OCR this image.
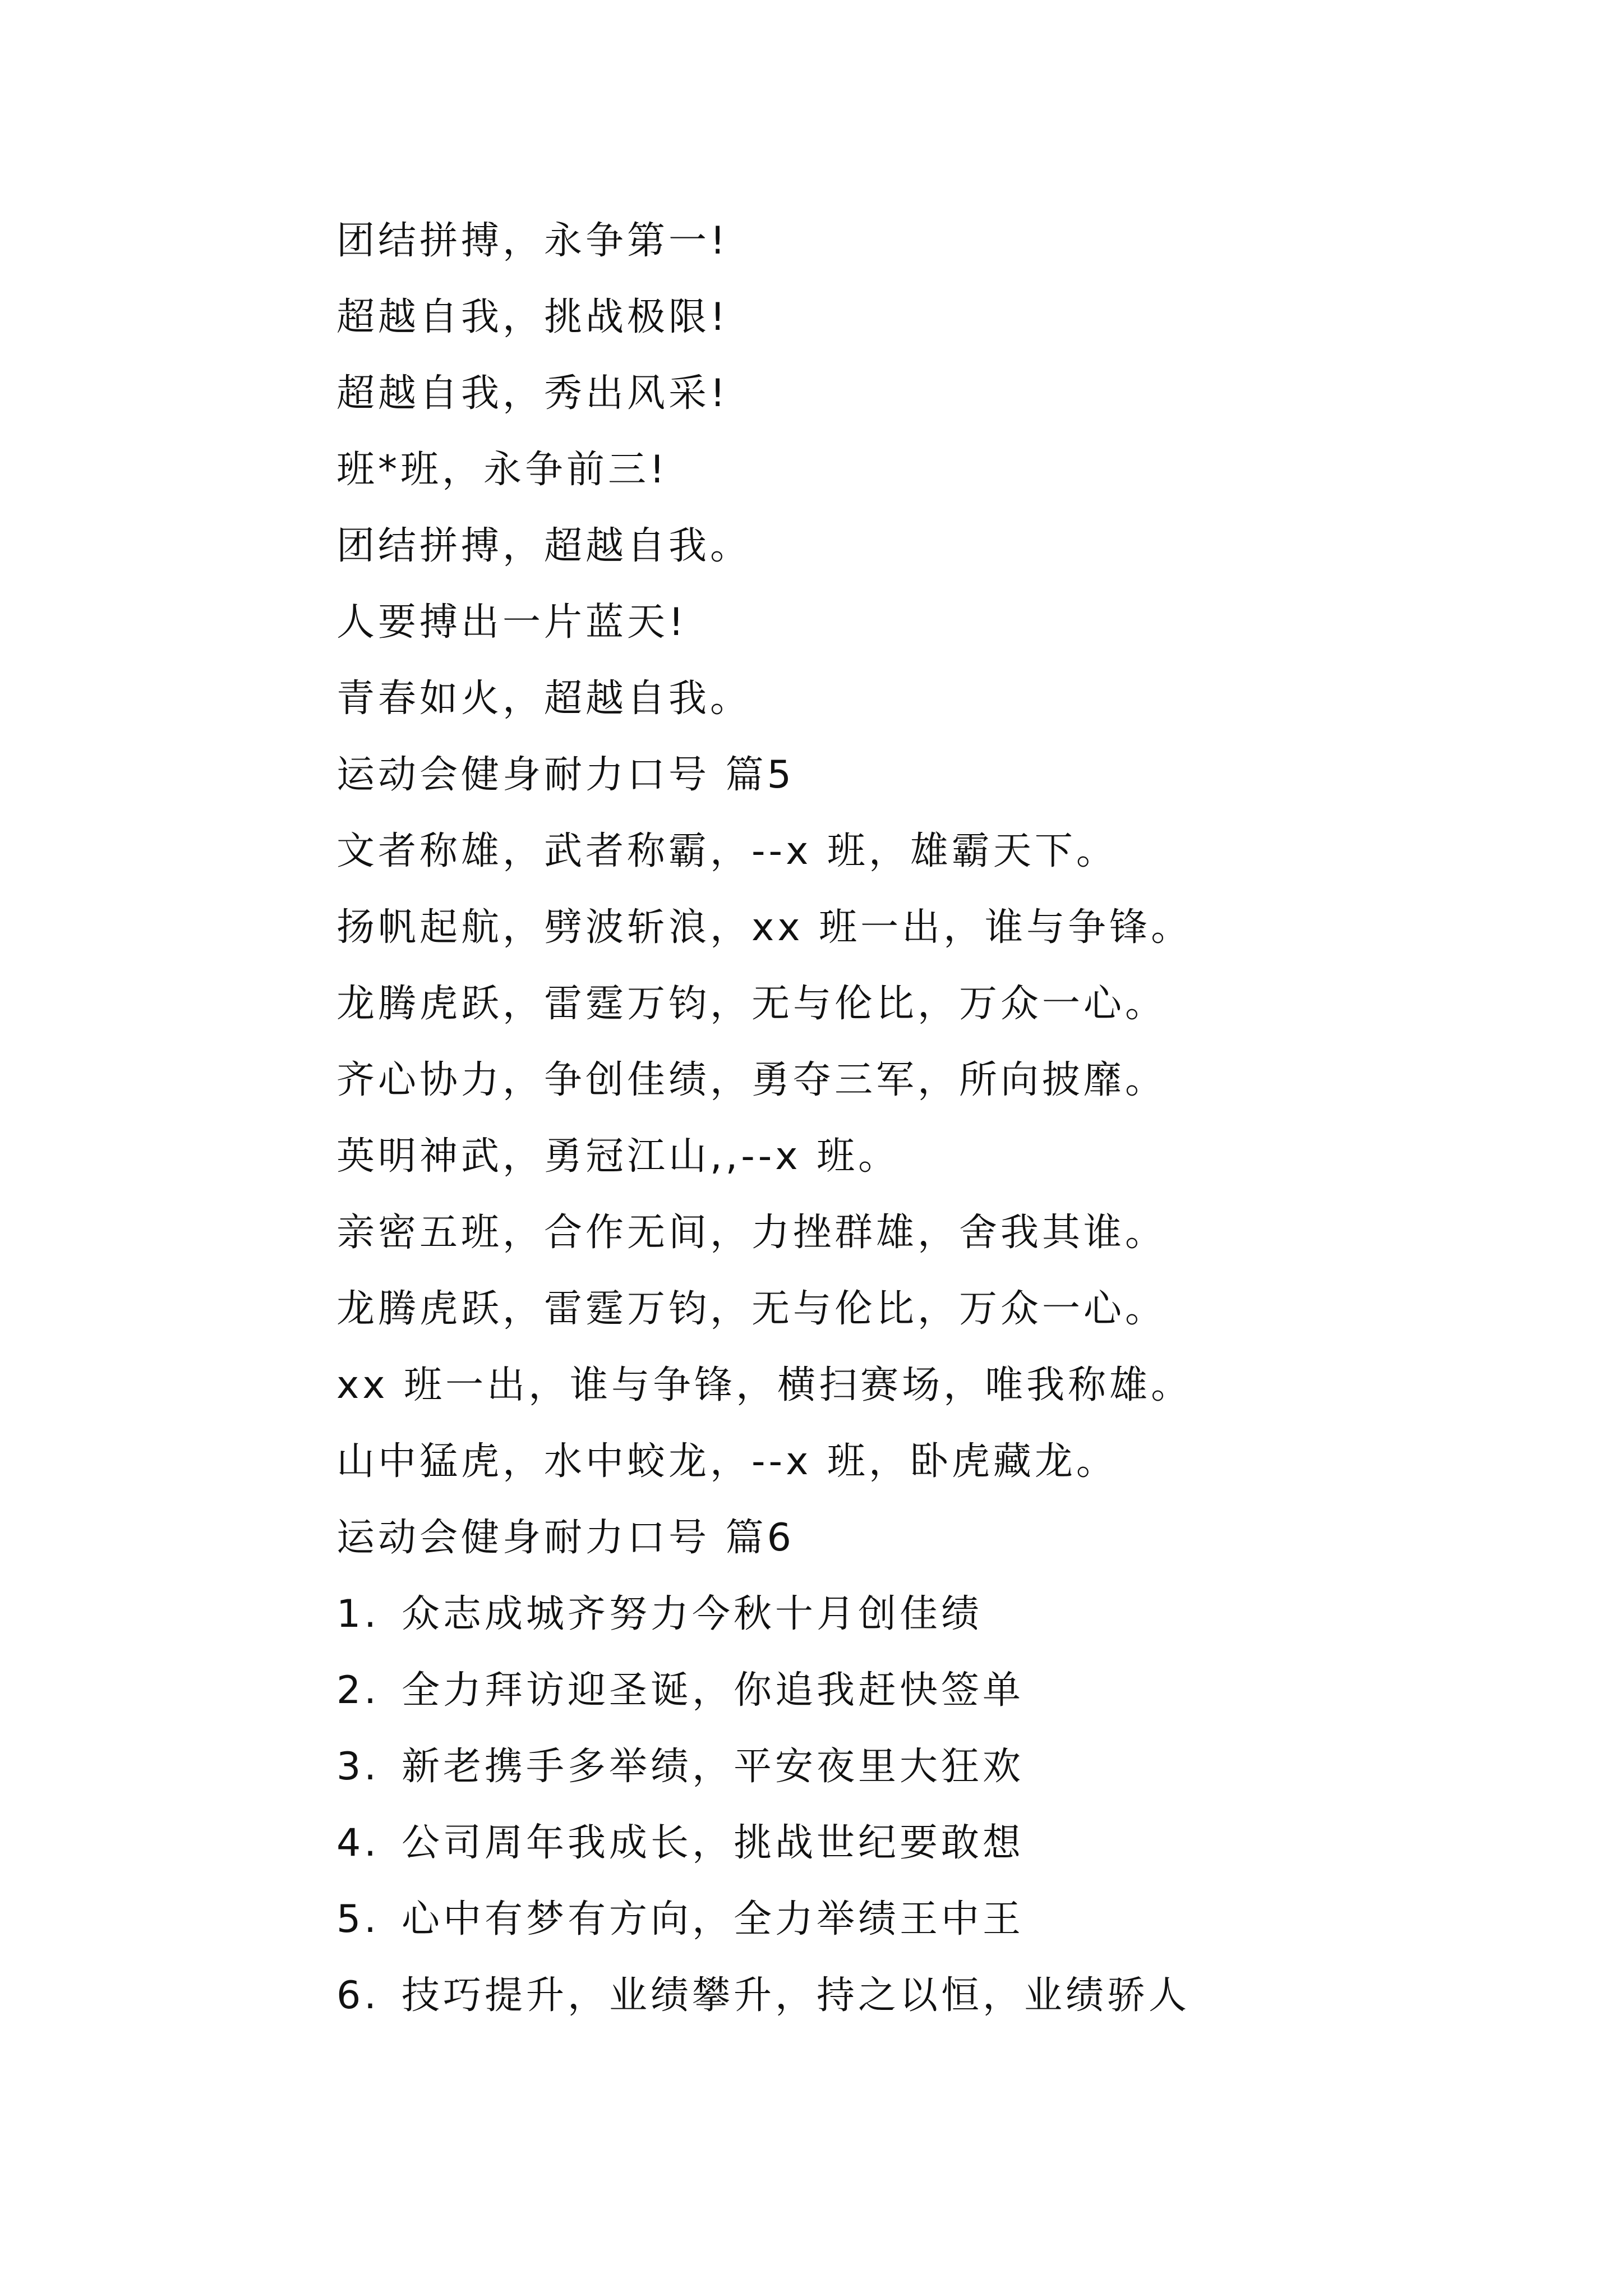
团结拼搏，永争第一!
超越自我，挑战极限!
超越自我，秀出风采!
班*班，永争前三!
团结拼搏，超越自我。
人要搏出一片蓝天!
青春如火，超越自我。
运动会健身耐力口号 篇5
文者称雄，武者称霸，--x 班，雄霸天下。
扬帆起航，劈波斩浪，xx 班一出，谁与争锋。
龙腾虎跃，雷霆万钧，无与伦比，万众一心。
齐心协力，争创佳绩，勇夺三军，所向披靡。
英明神武，勇冠江山,,--x 班。
亲密五班，合作无间，力挫群雄，舍我其谁。
龙腾虎跃，雷霆万钧，无与伦比，万众一心。
xx 班一出，谁与争锋，横扫赛场，唯我称雄。
山中猛虎，水中蛟龙，--x 班，卧虎藏龙。
运动会健身耐力口号 篇6
1. 众志成城齐努力今秋十月创佳绩
2. 全力拜访迎圣诞，你追我赶快签单
3. 新老携手多举绩，平安夜里大狂欢
4. 公司周年我成长，挑战世纪要敢想
5. 心中有梦有方向，全力举绩王中王
6. 技巧提升，业绩攀升，持之以恒，业绩骄人
